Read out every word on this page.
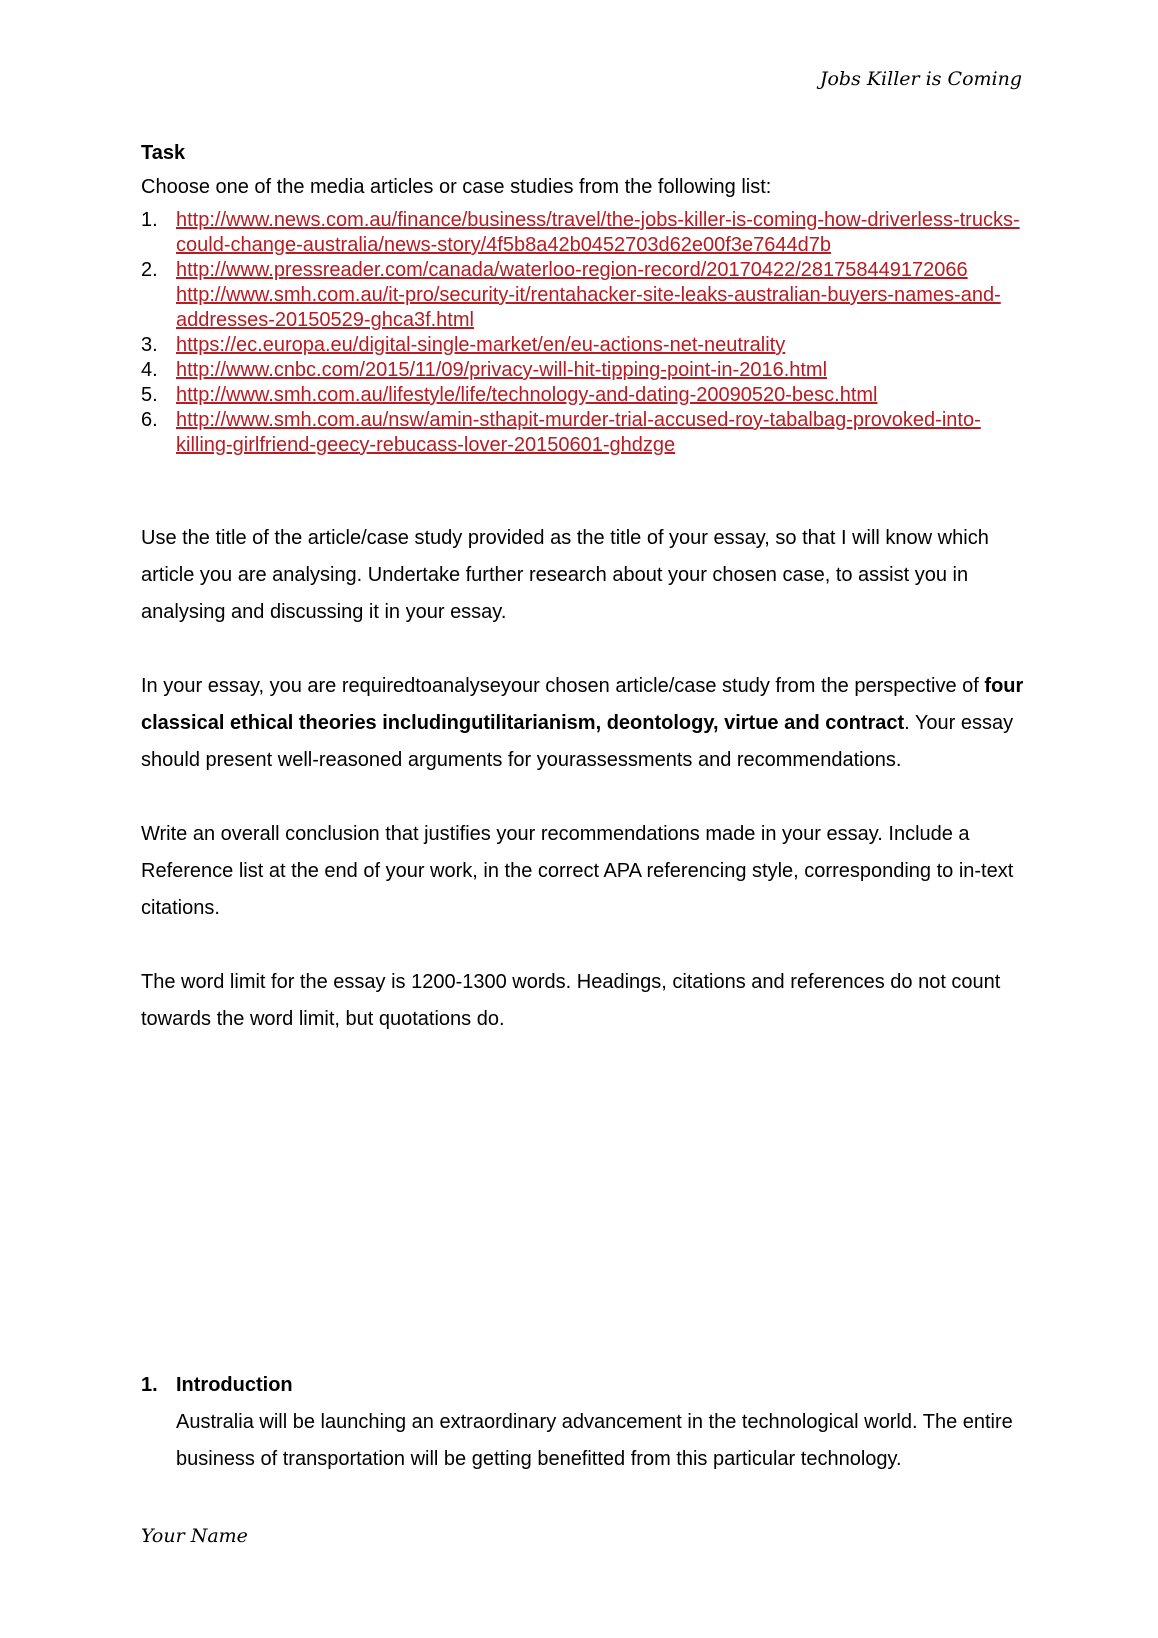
Jobs Killer is Coming

Task

Choose one of the media articles or case studies from the following list:

1. http://www.news.com.au/finance/business/travel/the-jobs-killer-is-coming-how-driverless-trucks-could-change-australia/news-story/4f5b8a42b0452703d62e00f3e7644d7b
2. http://www.pressreader.com/canada/waterloo-region-record/20170422/281758449172066    http://www.smh.com.au/it-pro/security-it/rentahacker-site-leaks-australian-buyers-names-and-addresses-20150529-ghca3f.html
3. https://ec.europa.eu/digital-single-market/en/eu-actions-net-neutrality
4. http://www.cnbc.com/2015/11/09/privacy-will-hit-tipping-point-in-2016.html
5. http://www.smh.com.au/lifestyle/life/technology-and-dating-20090520-besc.html
6. http://www.smh.com.au/nsw/amin-sthapit-murder-trial-accused-roy-tabalbag-provoked-into-killing-girlfriend-geecy-rebucass-lover-20150601-ghdzge

Use the title of the article/case study provided as the title of your essay, so that I will know which article you are analysing. Undertake further research about your chosen case, to assist you in analysing and discussing it in your essay.

In your essay, you are requiredtoanalyseyour chosen article/case study from the perspective of four classical ethical theories includingutilitarianism, deontology, virtue and contract. Your essay should present well-reasoned arguments for yourassessments and recommendations.

Write an overall conclusion that justifies your recommendations made in your essay. Include a Reference list at the end of your work, in the correct APA referencing style, corresponding to in-text citations.

The word limit for the essay is 1200-1300 words. Headings, citations and references do not count towards the word limit, but quotations do.

1. Introduction

Australia will be launching an extraordinary advancement in the technological world. The entire business of transportation will be getting benefitted from this particular technology.

Your Name
